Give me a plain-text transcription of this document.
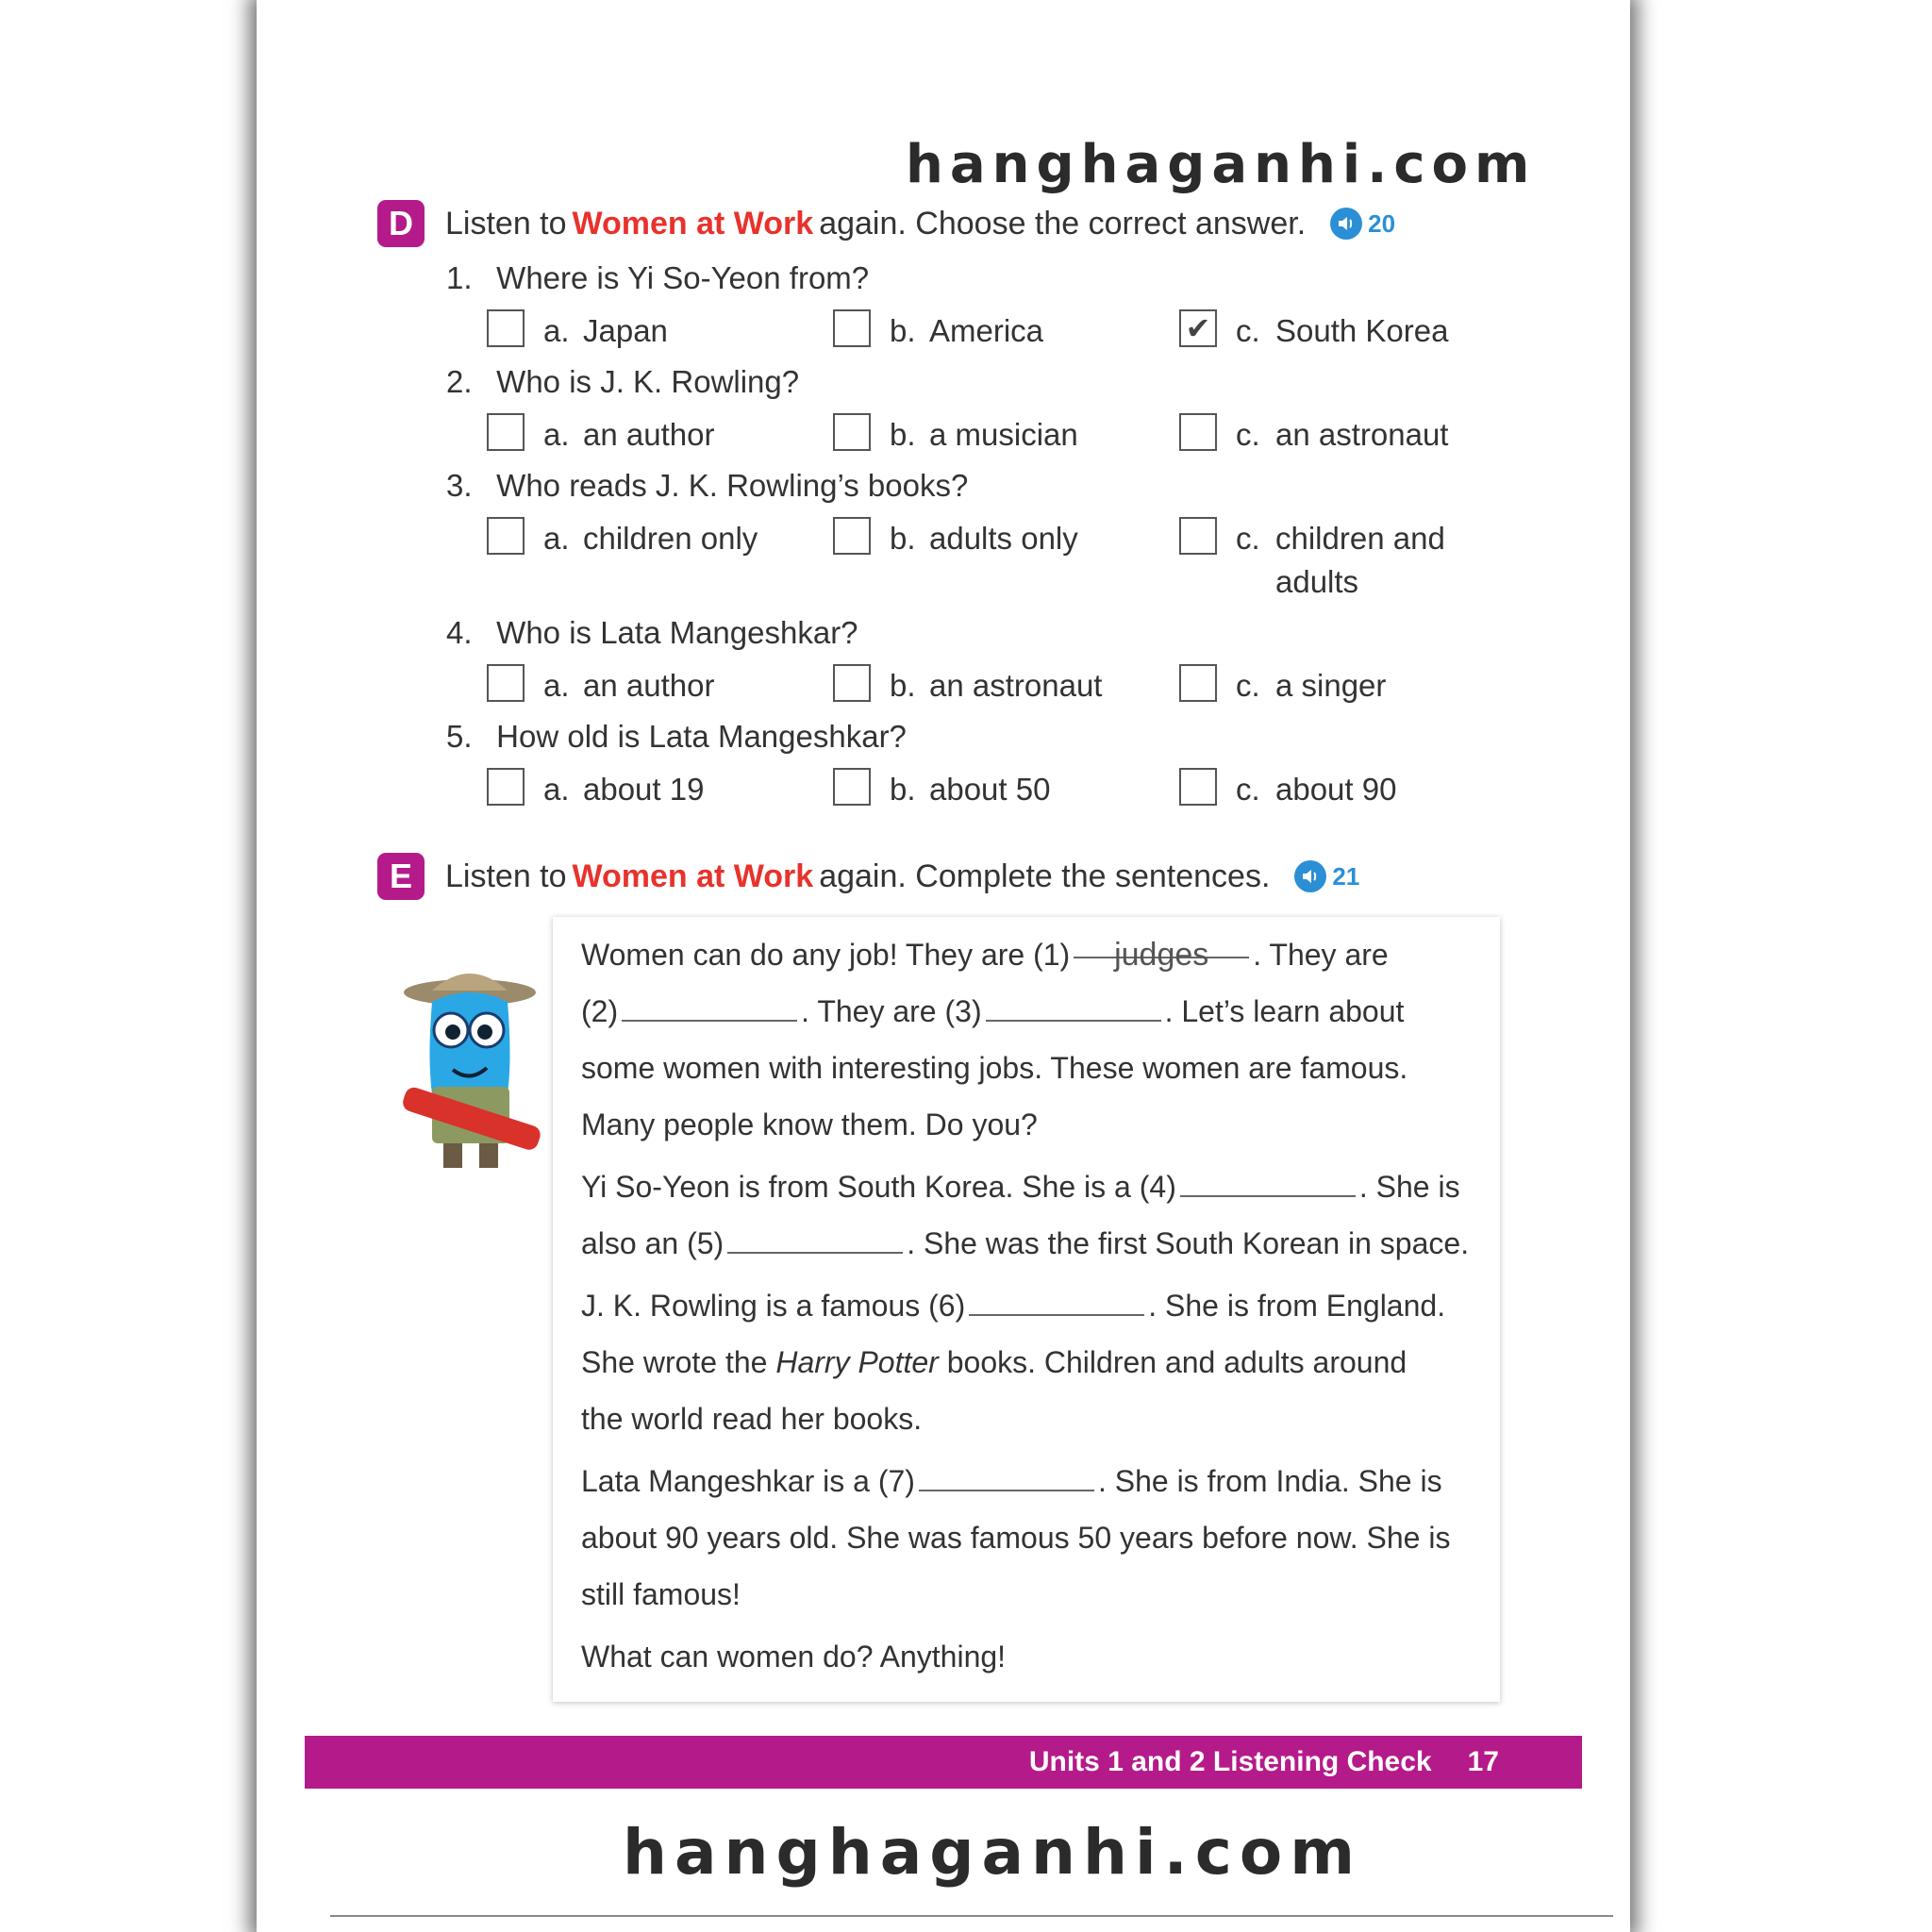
hanghaganhi.com
D	Listen to Women at Work again. Choose the correct answer.	20
1. Where is Yi So-Yeon from?
a. Japan	b. America	✔ c. South Korea
2. Who is J. K. Rowling?
a. an author	b. a musician	c. an astronaut
3. Who reads J. K. Rowling’s books?
a. children only	b. adults only	c. children and
adults
4. Who is Lata Mangeshkar?
a. an author	b. an astronaut	c. a singer
5. How old is Lata Mangeshkar?
a. about 19	b. about 50	c. about 90
E	Listen to Women at Work again. Complete the sentences.	21
Women can do any job! They are (1) judges . They are
(2)	. They are (3)	. Let’s learn about
some women with interesting jobs. These women are famous.
Many people know them. Do you?
Yi So-Yeon is from South Korea. She is a (4)	. She is
also an (5)	. She was the first South Korean in space.
J. K. Rowling is a famous (6)	. She is from England.
She wrote the Harry Potter books. Children and adults around
the world read her books.
Lata Mangeshkar is a (7)	. She is from India. She is
about 90 years old. She was famous 50 years before now. She is
still famous!
What can women do? Anything!
Units 1 and 2 Listening Check 17
hanghaganhi.com
